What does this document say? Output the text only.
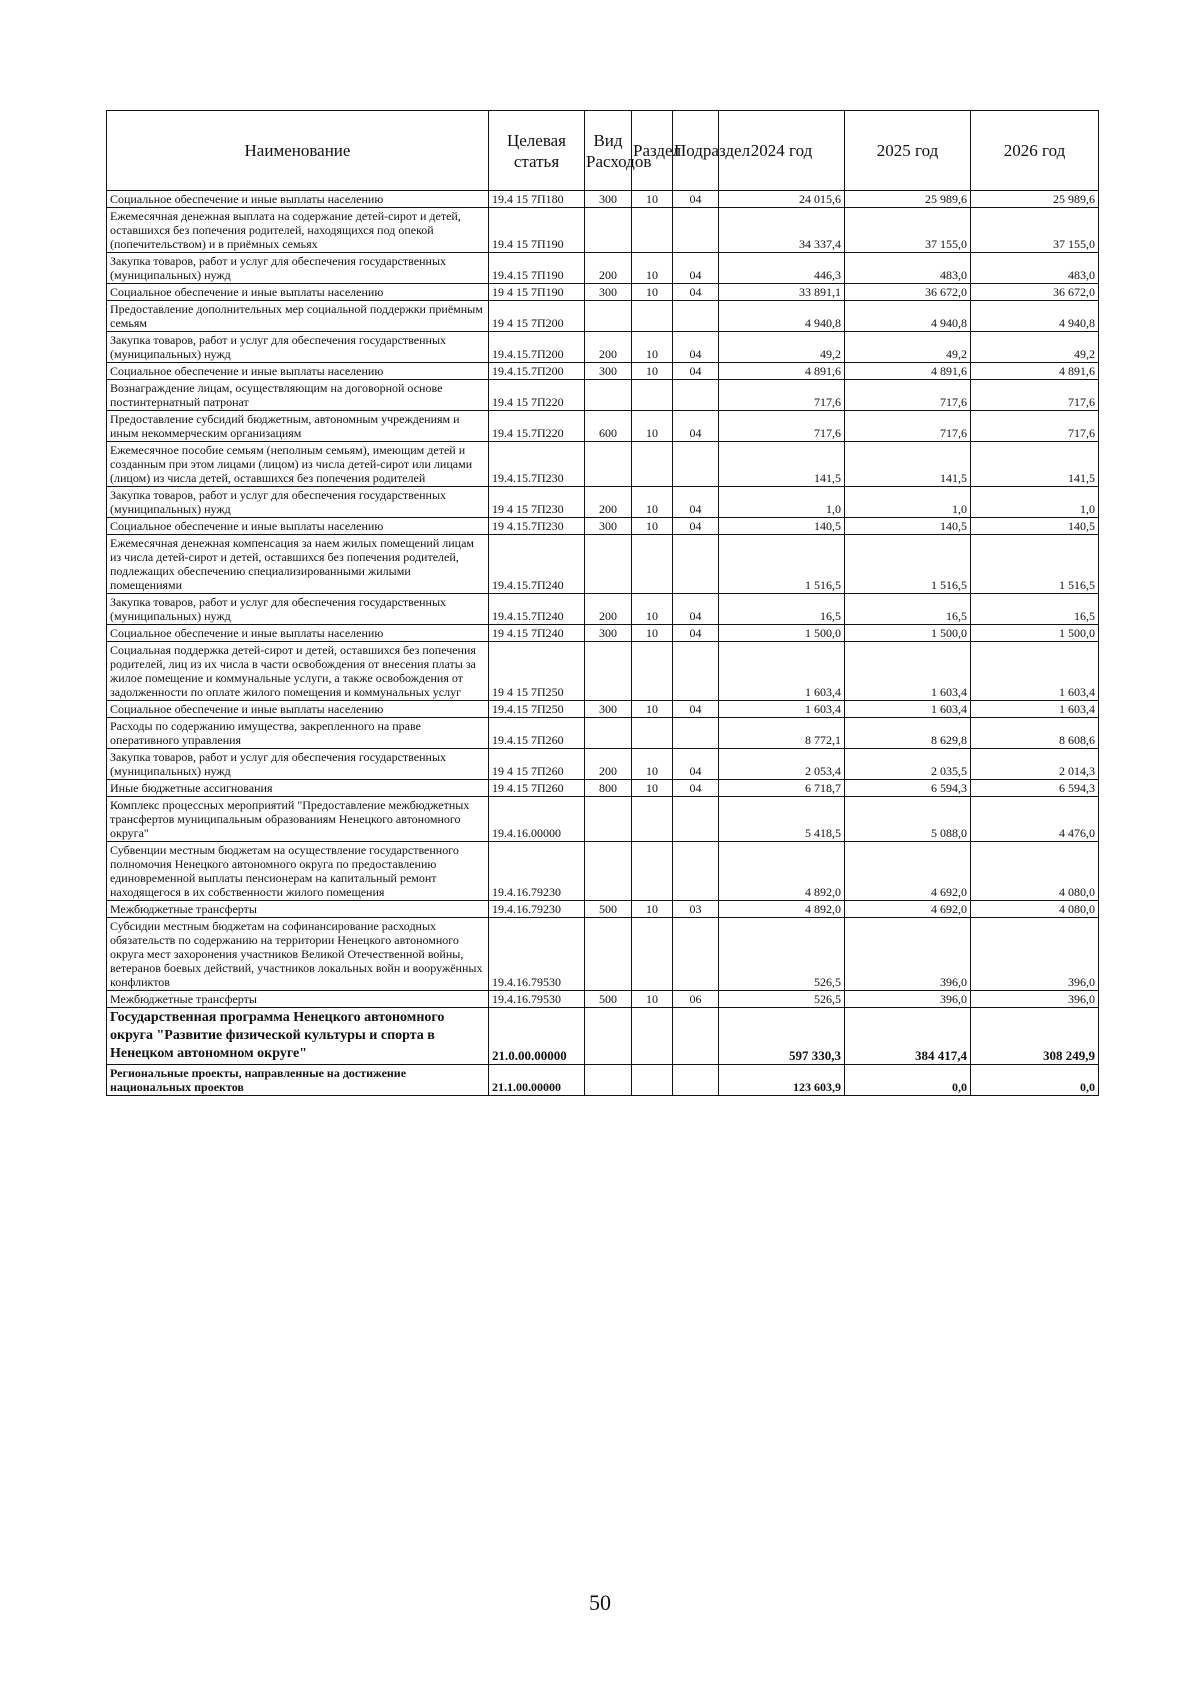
Наименование	Целевая статья	Вид Расходов	Раздел	Подраздел	2024 год	2025 год	2026 год
Социальное обеспечение и иные выплаты населению	19.4 15 7П180	300	10	04	24 015,6	25 989,6	25 989,6
Ежемесячная денежная выплата на содержание детей-сирот и детей, оставшихся без попечения родителей, находящихся под опекой (попечительством) и в приёмных семьях	19.4 15 7П190				34 337,4	37 155,0	37 155,0
Закупка товаров, работ и услуг для обеспечения государственных (муниципальных) нужд	19.4.15 7П190	200	10	04	446,3	483,0	483,0
Социальное обеспечение и иные выплаты населению	19 4 15 7П190	300	10	04	33 891,1	36 672,0	36 672,0
Предоставление дополнительных мер социальной поддержки приёмным семьям	19 4 15 7П200				4 940,8	4 940,8	4 940,8
Закупка товаров, работ и услуг для обеспечения государственных (муниципальных) нужд	19.4.15.7П200	200	10	04	49,2	49,2	49,2
Социальное обеспечение и иные выплаты населению	19.4.15.7П200	300	10	04	4 891,6	4 891,6	4 891,6
Вознаграждение лицам, осуществляющим на договорной основе постинтернатный патронат	19.4 15 7П220				717,6	717,6	717,6
Предоставление субсидий бюджетным, автономным учреждениям и иным некоммерческим организациям	19.4 15.7П220	600	10	04	717,6	717,6	717,6
Ежемесячное пособие семьям (неполным семьям), имеющим детей и созданным при этом лицами (лицом) из числа детей-сирот или лицами (лицом) из числа детей, оставшихся без попечения родителей	19.4.15.7П230				141,5	141,5	141,5
Закупка товаров, работ и услуг для обеспечения государственных (муниципальных) нужд	19 4 15 7П230	200	10	04	1,0	1,0	1,0
Социальное обеспечение и иные выплаты населению	19 4.15.7П230	300	10	04	140,5	140,5	140,5
Ежемесячная денежная компенсация за наем жилых помещений лицам из числа детей-сирот и детей, оставшихся без попечения родителей, подлежащих обеспечению специализированными жилыми помещениями	19.4.15.7П240				1 516,5	1 516,5	1 516,5
Закупка товаров, работ и услуг для обеспечения государственных (муниципальных) нужд	19.4.15.7П240	200	10	04	16,5	16,5	16,5
Социальное обеспечение и иные выплаты населению	19 4.15 7П240	300	10	04	1 500,0	1 500,0	1 500,0
Социальная поддержка детей-сирот и детей, оставшихся без попечения родителей, лиц из их числа в части освобождения от внесения платы за жилое помещение и коммунальные услуги, а также освобождения от задолженности по оплате жилого помещения и коммунальных услуг	19 4 15 7П250				1 603,4	1 603,4	1 603,4
Социальное обеспечение и иные выплаты населению	19.4.15 7П250	300	10	04	1 603,4	1 603,4	1 603,4
Расходы по содержанию имущества, закрепленного на праве оперативного управления	19.4.15 7П260				8 772,1	8 629,8	8 608,6
Закупка товаров, работ и услуг для обеспечения государственных (муниципальных) нужд	19 4 15 7П260	200	10	04	2 053,4	2 035,5	2 014,3
Иные бюджетные ассигнования	19 4.15 7П260	800	10	04	6 718,7	6 594,3	6 594,3
Комплекс процессных мероприятий "Предоставление межбюджетных трансфертов муниципальным образованиям Ненецкого автономного округа"	19.4.16.00000				5 418,5	5 088,0	4 476,0
Субвенции местным бюджетам на осуществление государственного полномочия Ненецкого автономного округа по предоставлению единовременной выплаты пенсионерам на капитальный ремонт находящегося в их собственности жилого помещения	19.4.16.79230				4 892,0	4 692,0	4 080,0
Межбюджетные трансферты	19.4.16.79230	500	10	03	4 892,0	4 692,0	4 080,0
Субсидии местным бюджетам на софинансирование расходных обязательств по содержанию на территории Ненецкого автономного округа мест захоронения участников Великой Отечественной войны, ветеранов боевых действий, участников локальных войн и вооружённых конфликтов	19.4.16.79530				526,5	396,0	396,0
Межбюджетные трансферты	19.4.16.79530	500	10	06	526,5	396,0	396,0
Государственная программа Ненецкого автономного округа "Развитие физической культуры и спорта в Ненецком автономном округе"	21.0.00.00000				597 330,3	384 417,4	308 249,9
Региональные проекты, направленные на достижение национальных проектов	21.1.00.00000				123 603,9	0,0	0,0
50
